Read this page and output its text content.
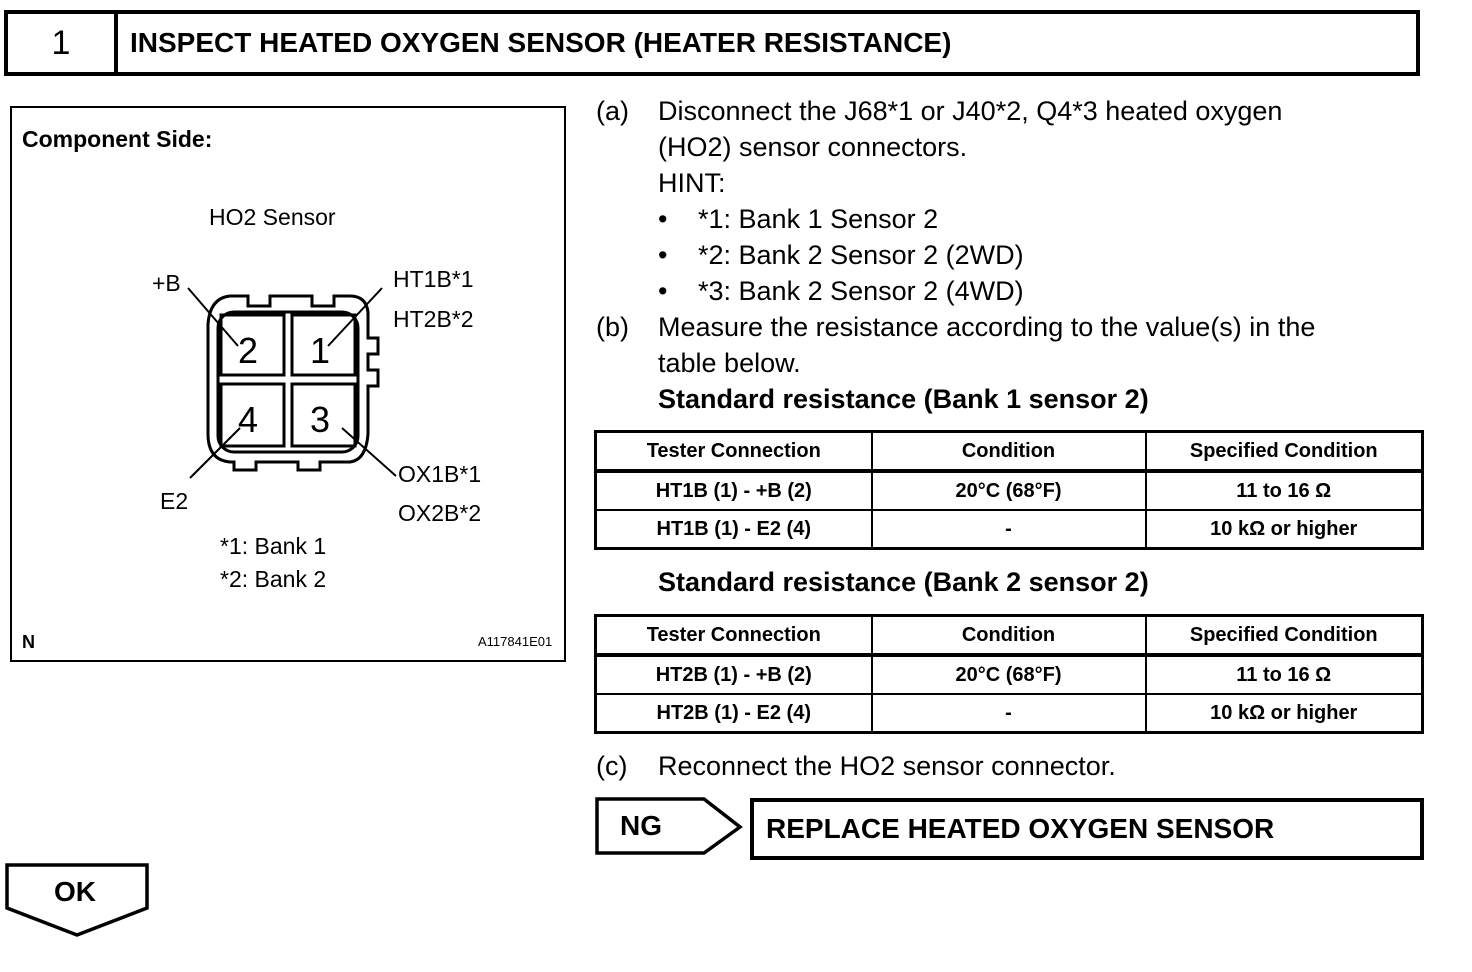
1	INSPECT HEATED OXYGEN SENSOR (HEATER RESISTANCE)
Component Side:
HO2 Sensor
2 1
4 3
+B	HT1B*1
HT2B*2
E2
OX1B*1
OX2B*2
*1: Bank 1
*2: Bank 2
N	A117841E01
(a) Disconnect the J68*1 or J40*2, Q4*3 heated oxygen
(HO2) sensor connectors.
HINT:
• *1: Bank 1 Sensor 2
• *2: Bank 2 Sensor 2 (2WD)
• *3: Bank 2 Sensor 2 (4WD)
(b) Measure the resistance according to the value(s) in the
table below.
Standard resistance (Bank 1 sensor 2)
Tester Connection	Condition	Specified Condition
HT1B (1) - +B (2)	20°C (68°F)	11 to 16 Ω
HT1B (1) - E2 (4)	-	10 kΩ or higher
Standard resistance (Bank 2 sensor 2)
Tester Connection	Condition	Specified Condition
HT2B (1) - +B (2)	20°C (68°F)	11 to 16 Ω
HT2B (1) - E2 (4)	-	10 kΩ or higher
(c) Reconnect the HO2 sensor connector.
NG	REPLACE HEATED OXYGEN SENSOR
OK
